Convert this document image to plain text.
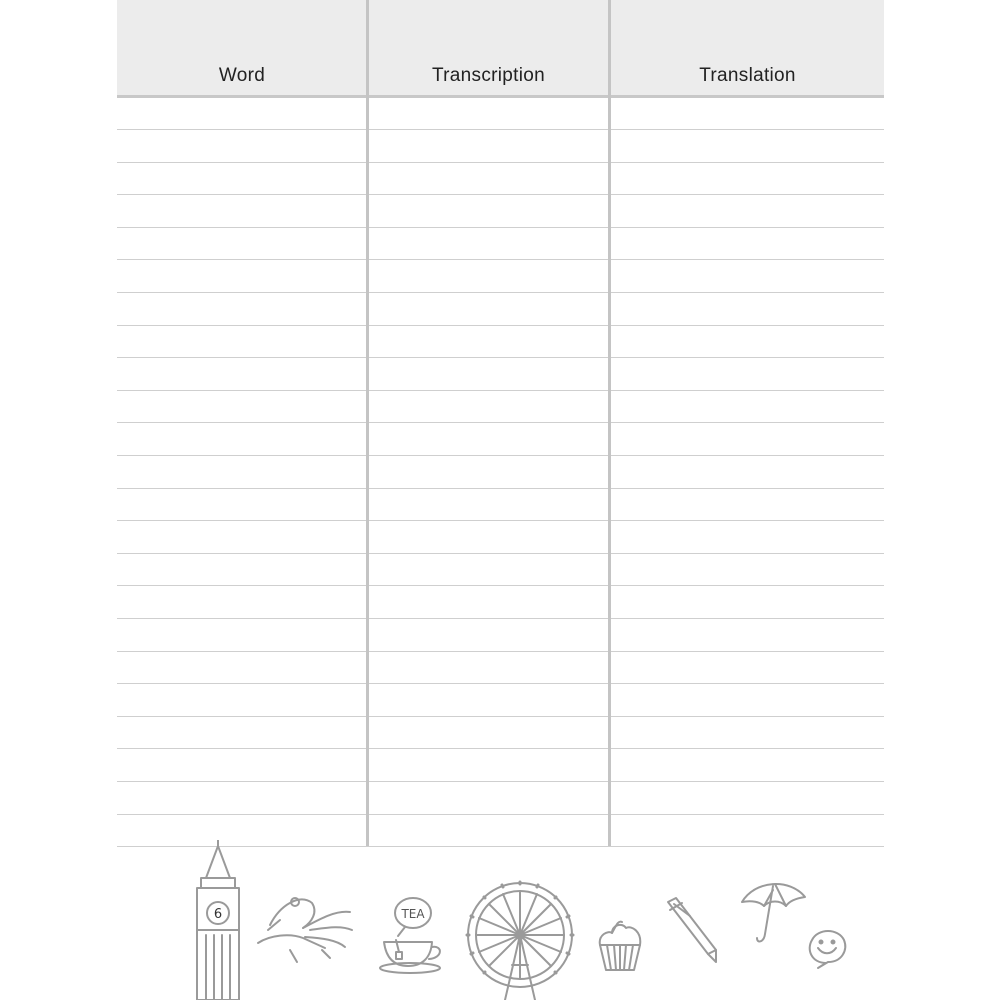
Word	Transcription	Translation
6	TEA
